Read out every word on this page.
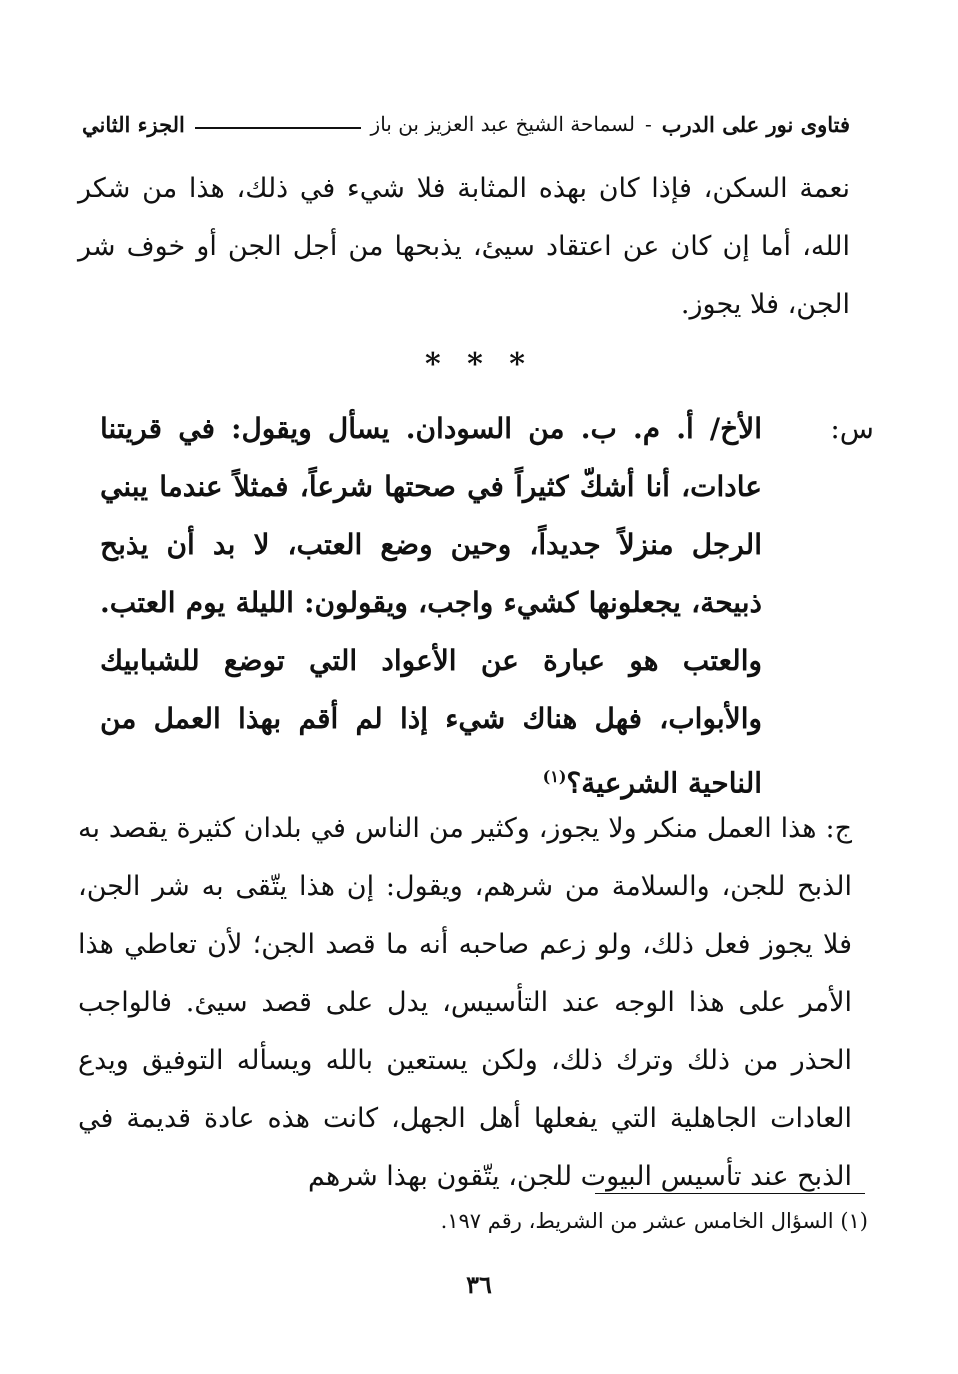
فتاوى نور على الدرب
-
لسماحة الشيخ عبد العزيز بن باز
الجزء الثاني
نعمة السكن، فإذا كان بهذه المثابة فلا شيء في ذلك، هذا من شكر الله، أما إن كان عن اعتقاد سيئ، يذبحها من أجل الجن أو خوف شر الجن، فلا يجوز.
* * *
س:
الأخ/ أ. م. ب. من السودان. يسأل ويقول: في قريتنا عادات، أنا أشكّ كثيراً في صحتها شرعاً، فمثلاً عندما يبني الرجل منزلاً جديداً، وحين وضع العتب، لا بد أن يذبح ذبيحة، يجعلونها كشيء واجب، ويقولون: الليلة يوم العتب. والعتب هو عبارة عن الأعواد التي توضع للشبابيك والأبواب، فهل هناك شيء إذا لم أقم بهذا العمل من الناحية الشرعية؟$^{(١)}$
ج: هذا العمل منكر ولا يجوز، وكثير من الناس في بلدان كثيرة يقصد به الذبح للجن، والسلامة من شرهم، ويقول: إن هذا يتّقى به شر الجن، فلا يجوز فعل ذلك، ولو زعم صاحبه أنه ما قصد الجن؛ لأن تعاطي هذا الأمر على هذا الوجه عند التأسيس، يدل على قصد سيئ. فالواجب الحذر من ذلك وترك ذلك، ولكن يستعين بالله ويسأله التوفيق ويدع العادات الجاهلية التي يفعلها أهل الجهل، كانت هذه عادة قديمة في الذبح عند تأسيس البيوت للجن، يتّقون بهذا شرهم
(١) السؤال الخامس عشر من الشريط، رقم ١٩٧.
٣٦
